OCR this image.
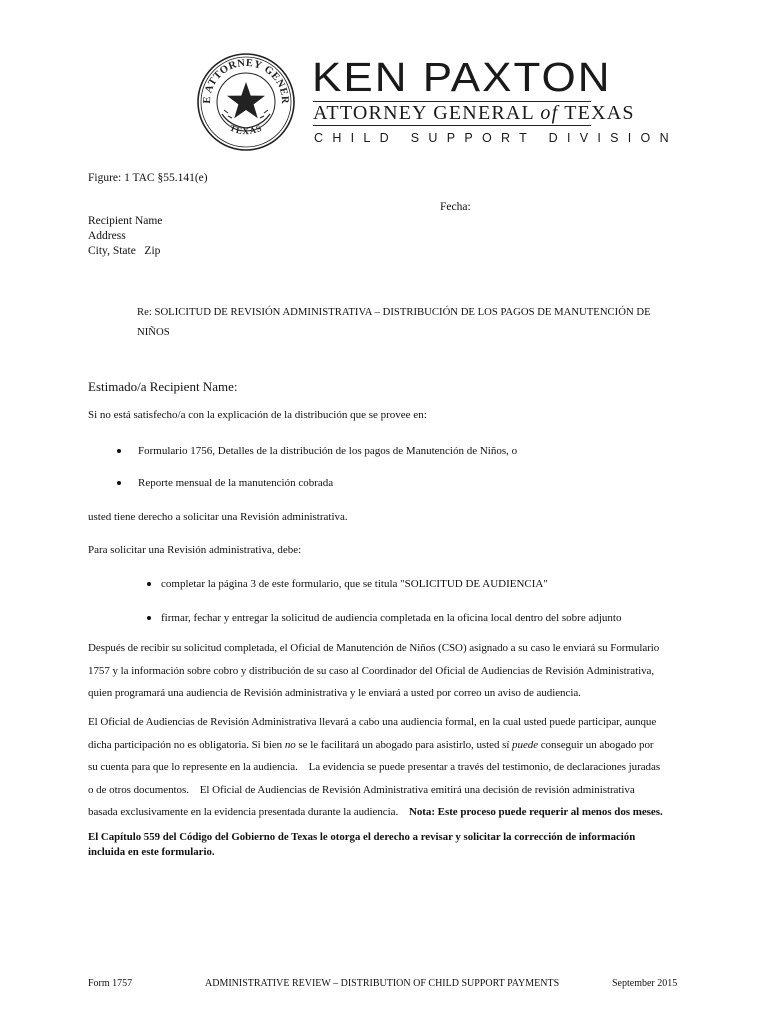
E ATTORNEY GENER
TEXAS
KEN PAXTON
ATTORNEY GENERAL of TEXAS
CHILD SUPPORT DIVISION
Figure: 1 TAC §55.141(e)
Fecha:
Recipient Name
Address
City, State   Zip
Re: SOLICITUD DE REVISIÓN ADMINISTRATIVA – DISTRIBUCIÓN DE LOS PAGOS DE MANUTENCIÓN DE
NIÑOS
Estimado/a Recipient Name:
Si no está satisfecho/a con la explicación de la distribución que se provee en:
Formulario 1756, Detalles de la distribución de los pagos de Manutención de Niños, o
Reporte mensual de la manutención cobrada
usted tiene derecho a solicitar una Revisión administrativa.
Para solicitar una Revisión administrativa, debe:
completar la página 3 de este formulario, que se titula "SOLICITUD DE AUDIENCIA"
firmar, fechar y entregar la solicitud de audiencia completada en la oficina local dentro del sobre adjunto
Después de recibir su solicitud completada, el Oficial de Manutención de Niños (CSO) asignado a su caso le enviará su Formulario
1757 y la información sobre cobro y distribución de su caso al Coordinador del Oficial de Audiencias de Revisión Administrativa,
quien programará una audiencia de Revisión administrativa y le enviará a usted por correo un aviso de audiencia.
El Oficial de Audiencias de Revisión Administrativa llevará a cabo una audiencia formal, en la cual usted puede participar, aunque
dicha participación no es obligatoria. Si bien no se le facilitará un abogado para asistirlo, usted sí puede conseguir un abogado por
su cuenta para que lo represente en la audiencia.    La evidencia se puede presentar a través del testimonio, de declaraciones juradas
o de otros documentos.    El Oficial de Audiencias de Revisión Administrativa emitirá una decisión de revisión administrativa
basada exclusivamente en la evidencia presentada durante la audiencia.    Nota: Este proceso puede requerir al menos dos meses.
El Capítulo 559 del Código del Gobierno de Texas le otorga el derecho a revisar y solicitar la corrección de información
incluida en este formulario.
Form 1757	ADMINISTRATIVE REVIEW – DISTRIBUTION OF CHILD SUPPORT PAYMENTS	September 2015
